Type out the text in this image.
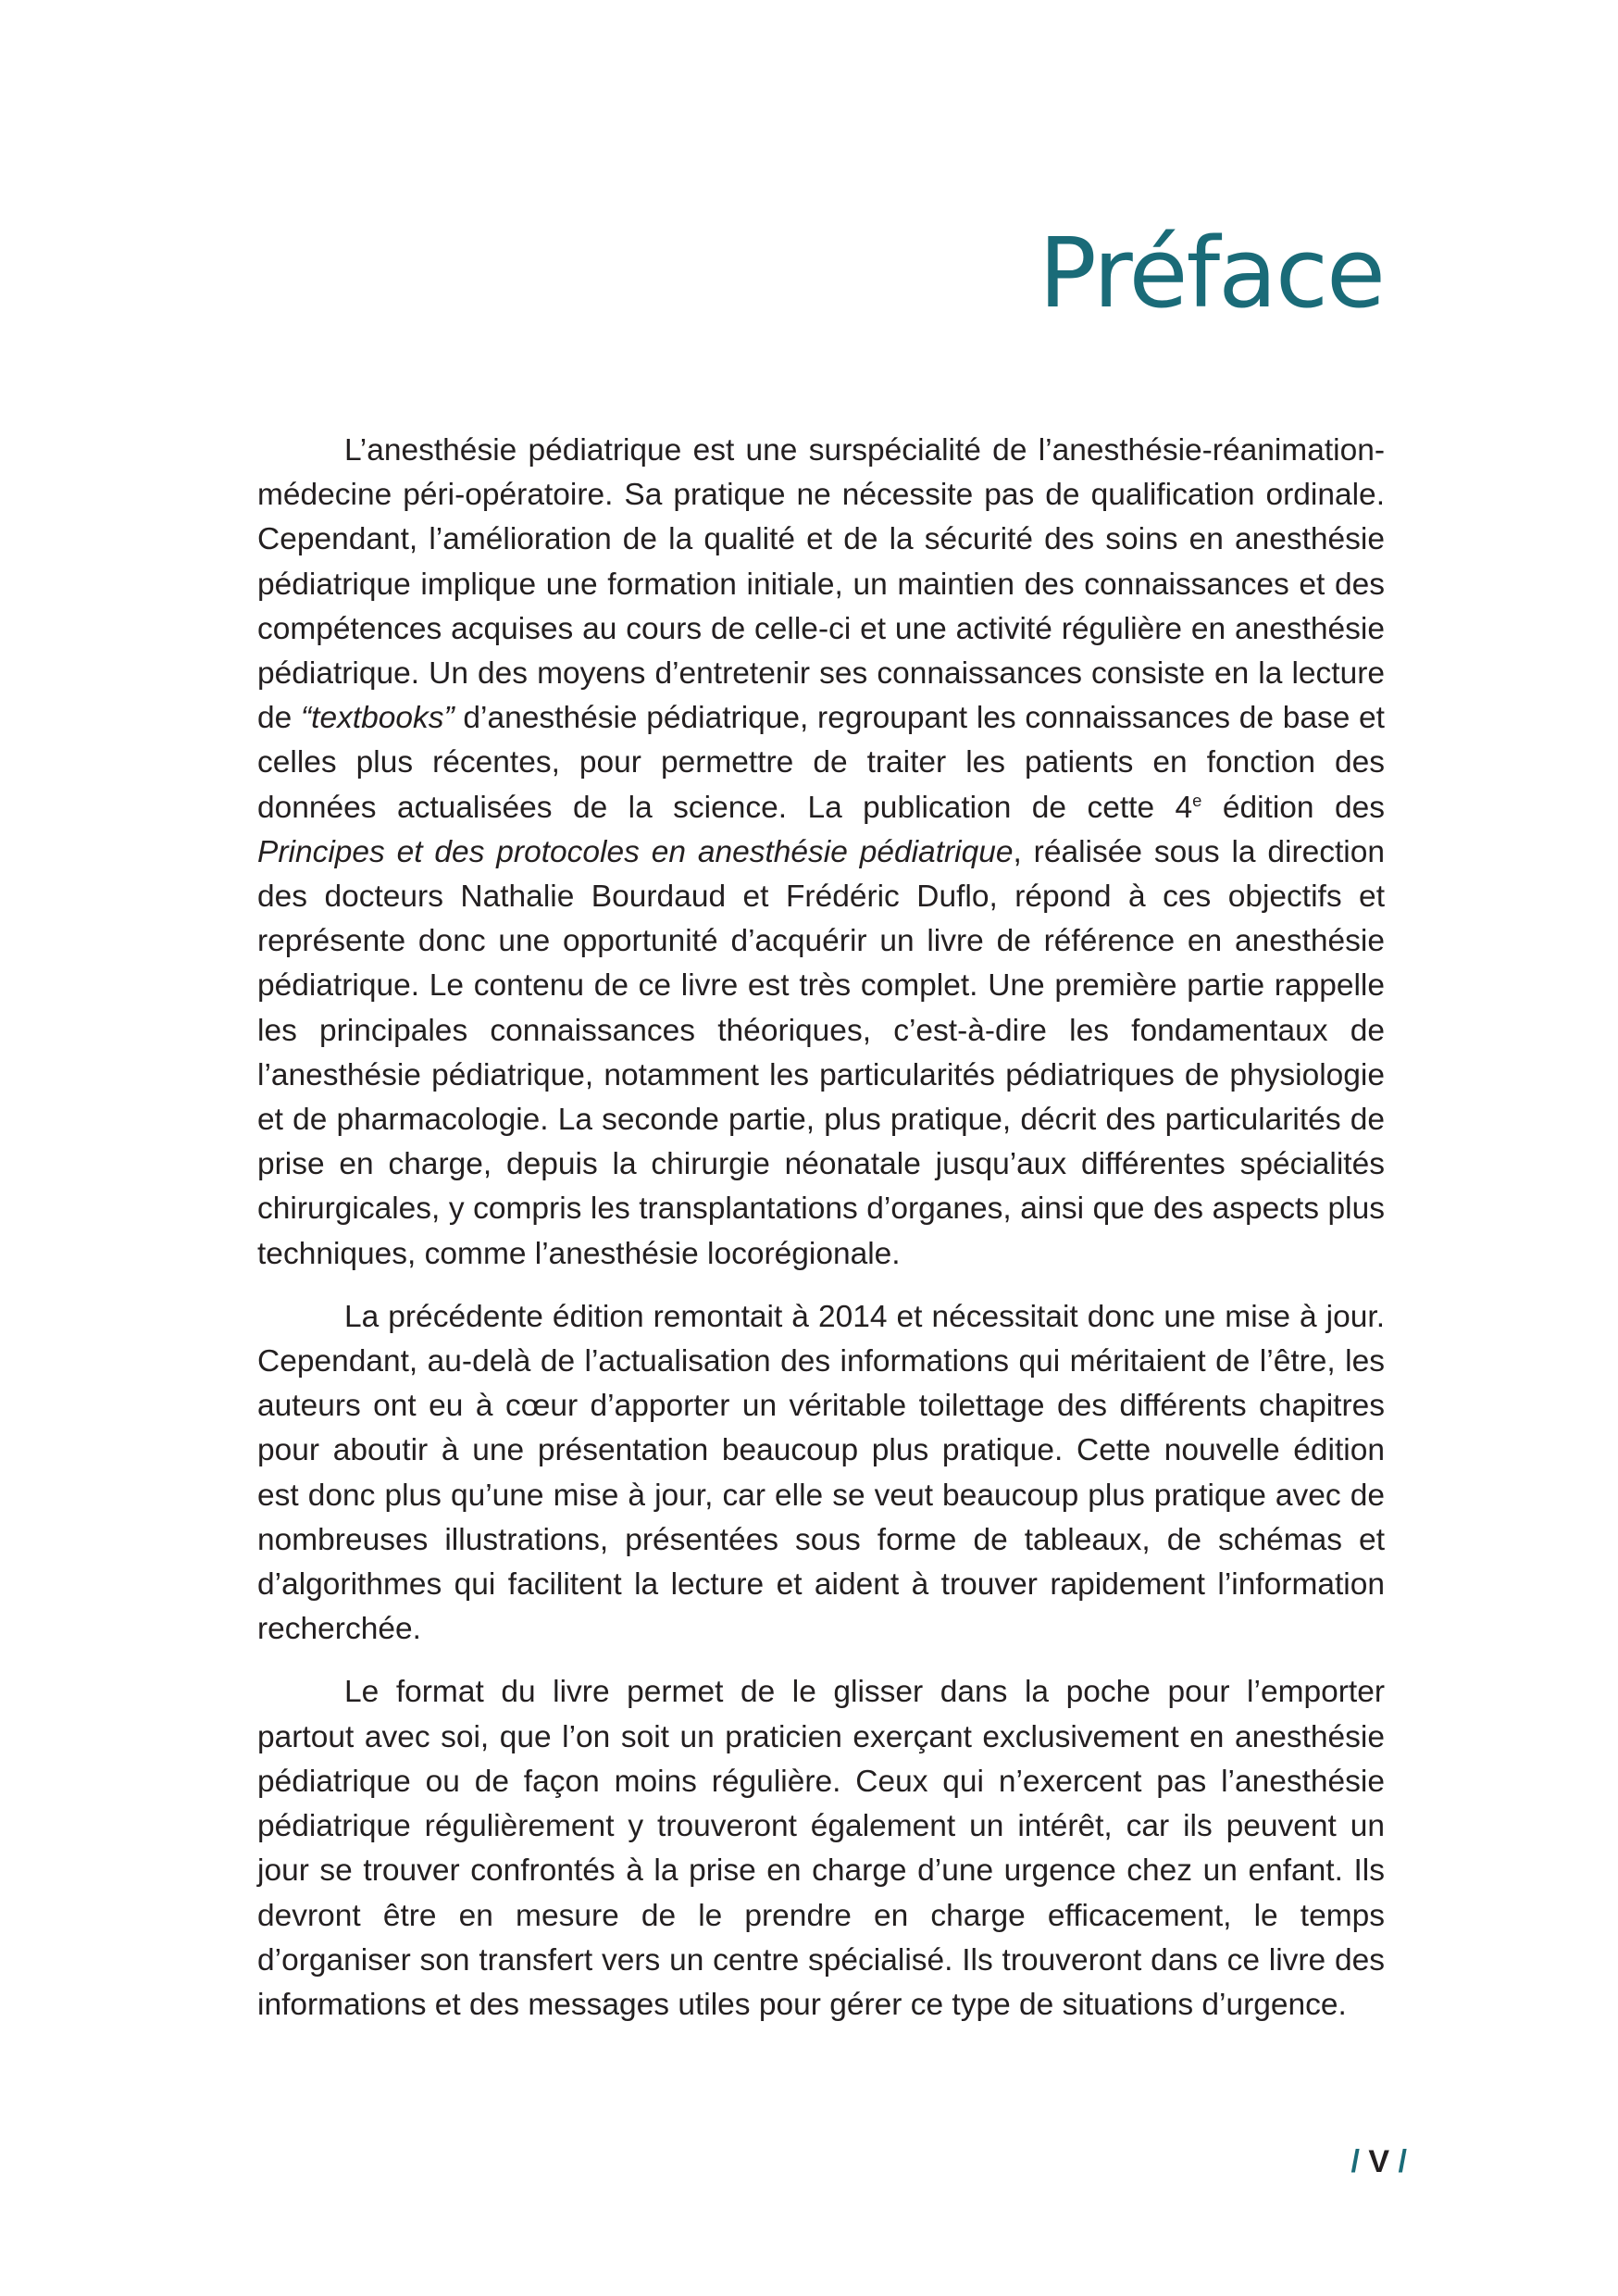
Préface

L’anesthésie pédiatrique est une surspécialité de l’anesthésie-réanimation-médecine péri-opératoire. Sa pratique ne nécessite pas de qualification ordinale. Cependant, l’amélioration de la qualité et de la sécurité des soins en anesthésie pédiatrique implique une formation initiale, un maintien des connaissances et des compétences acquises au cours de celle-ci et une activité régulière en anesthésie pédiatrique. Un des moyens d’entretenir ses connaissances consiste en la lecture de “textbooks” d’anesthésie pédiatrique, regroupant les connaissances de base et celles plus récentes, pour permettre de traiter les patients en fonction des données actualisées de la science. La publication de cette 4e édition des Principes et des protocoles en anesthésie pédiatrique, réalisée sous la direction des docteurs Nathalie Bourdaud et Frédéric Duflo, répond à ces objectifs et représente donc une opportunité d’acquérir un livre de référence en anesthésie pédiatrique. Le contenu de ce livre est très complet. Une première partie rappelle les principales connaissances théoriques, c’est-à-dire les fondamentaux de l’anesthésie pédiatrique, notamment les particularités pédiatriques de physiologie et de pharmacologie. La seconde partie, plus pratique, décrit des particularités de prise en charge, depuis la chirurgie néonatale jusqu’aux différentes spécialités chirurgicales, y compris les transplantations d’organes, ainsi que des aspects plus techniques, comme l’anesthésie locorégionale.

La précédente édition remontait à 2014 et nécessitait donc une mise à jour. Cependant, au-delà de l’actualisation des informations qui méritaient de l’être, les auteurs ont eu à cœur d’apporter un véritable toilettage des différents chapitres pour aboutir à une présentation beaucoup plus pratique. Cette nouvelle édition est donc plus qu’une mise à jour, car elle se veut beaucoup plus pratique avec de nombreuses illustrations, présentées sous forme de tableaux, de schémas et d’algorithmes qui facilitent la lecture et aident à trouver rapidement l’information recherchée.

Le format du livre permet de le glisser dans la poche pour l’emporter partout avec soi, que l’on soit un praticien exerçant exclusivement en anesthésie pédiatrique ou de façon moins régulière. Ceux qui n’exercent pas l’anesthésie pédiatrique régulièrement y trouveront également un intérêt, car ils peuvent un jour se trouver confrontés à la prise en charge d’une urgence chez un enfant. Ils devront être en mesure de le prendre en charge efficacement, le temps d’organiser son transfert vers un centre spécialisé. Ils trouveront dans ce livre des informations et des messages utiles pour gérer ce type de situations d’urgence.

/ V /
